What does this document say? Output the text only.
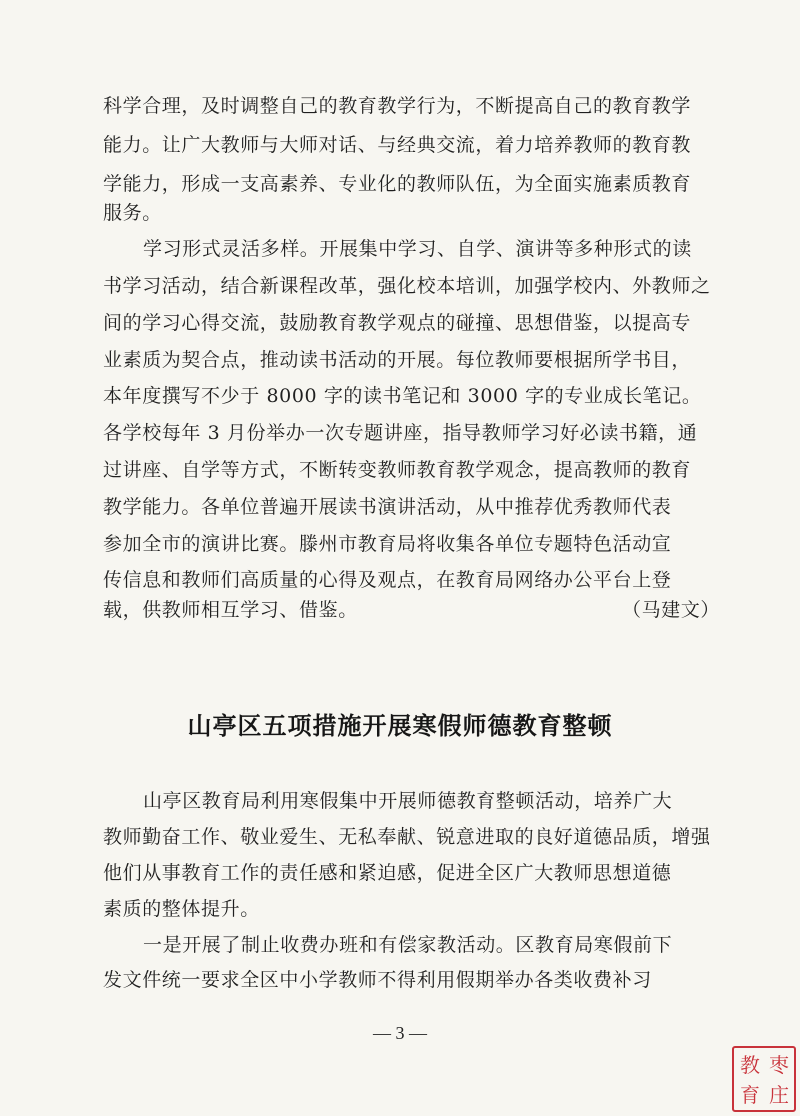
科学合理，及时调整自己的教育教学行为，不断提高自己的教育教学
能力。让广大教师与大师对话、与经典交流，着力培养教师的教育教
学能力，形成一支高素养、专业化的教师队伍，为全面实施素质教育
服务。
学习形式灵活多样。开展集中学习、自学、演讲等多种形式的读
书学习活动，结合新课程改革，强化校本培训，加强学校内、外教师之
间的学习心得交流，鼓励教育教学观点的碰撞、思想借鉴，以提高专
业素质为契合点，推动读书活动的开展。每位教师要根据所学书目，
本年度撰写不少于 8000 字的读书笔记和 3000 字的专业成长笔记。
各学校每年 3 月份举办一次专题讲座，指导教师学习好必读书籍，通
过讲座、自学等方式，不断转变教师教育教学观念，提高教师的教育
教学能力。各单位普遍开展读书演讲活动，从中推荐优秀教师代表
参加全市的演讲比赛。滕州市教育局将收集各单位专题特色活动宣
传信息和教师们高质量的心得及观点，在教育局网络办公平台上登
载，供教师相互学习、借鉴。	（马建文）
山亭区五项措施开展寒假师德教育整顿
山亭区教育局利用寒假集中开展师德教育整顿活动，培养广大
教师勤奋工作、敬业爱生、无私奉献、锐意进取的良好道德品质，增强
他们从事教育工作的责任感和紧迫感，促进全区广大教师思想道德
素质的整体提升。
一是开展了制止收费办班和有偿家教活动。区教育局寒假前下
发文件统一要求全区中小学教师不得利用假期举办各类收费补习
— 3 —
枣
庄
教
育
